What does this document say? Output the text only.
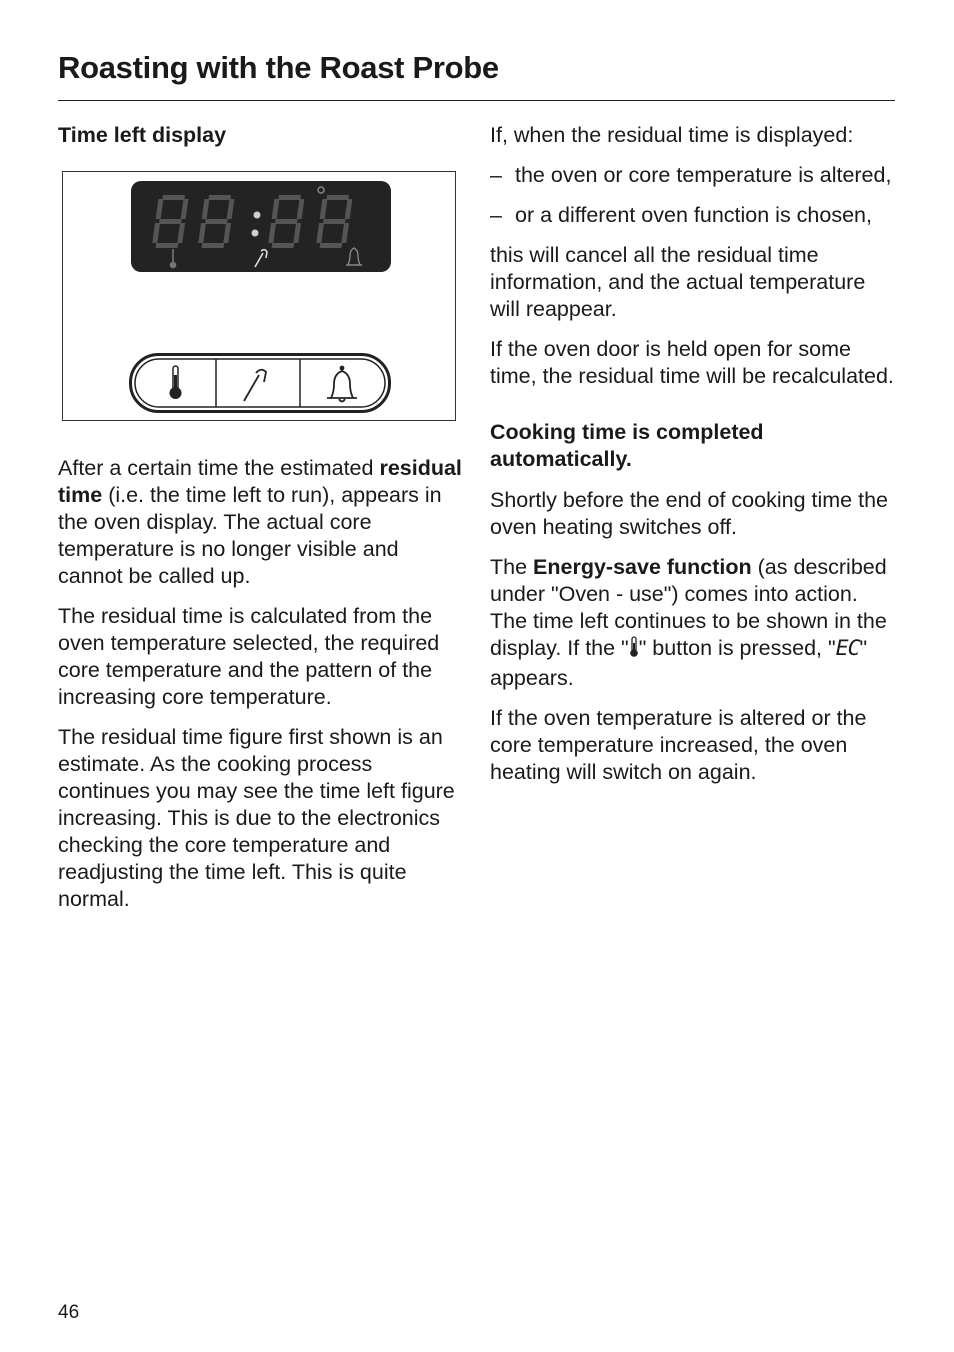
Roasting with the Roast Probe
Time left display

After a certain time the estimated residual time (i.e. the time left to run), appears in the oven display. The actual core temperature is no longer visible and cannot be called up.

The residual time is calculated from the oven temperature selected, the required core temperature and the pattern of the increasing core temperature.

The residual time figure first shown is an estimate. As the cooking process continues you may see the time left figure increasing. This is due to the electronics checking the core temperature and readjusting the time left. This is quite normal.

If, when the residual time is displayed:

– the oven or core temperature is altered,
– or a different oven function is chosen,

this will cancel all the residual time information, and the actual temperature will reappear.

If the oven door is held open for some time, the residual time will be recalculated.

Cooking time is completed automatically.

Shortly before the end of cooking time the oven heating switches off.

The Energy-save function (as described under "Oven - use") comes into action. The time left continues to be shown in the display. If the " " button is pressed, "EC" appears.

If the oven temperature is altered or the core temperature increased, the oven heating will switch on again.

46
